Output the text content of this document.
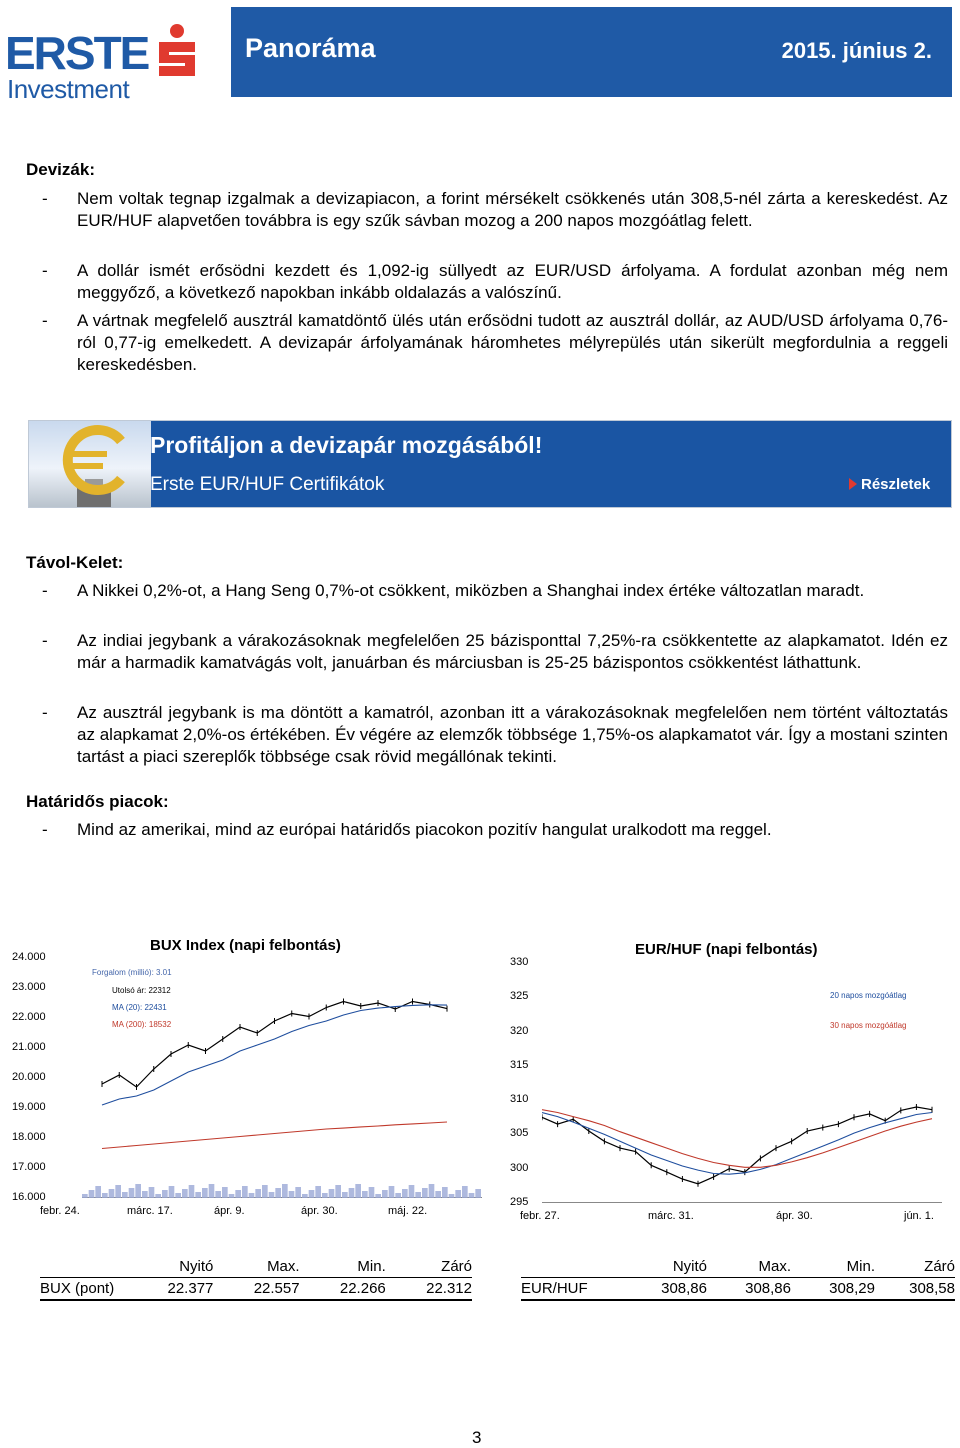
ERSTE
Investment
Panoráma	2015. június 2.
Devizák:
- Nem voltak tegnap izgalmak a devizapiacon, a forint mérsékelt csökkenés után 308,5-nél zárta a kereskedést. Az EUR/HUF alapvetően továbbra is egy szűk sávban mozog a 200 napos mozgóátlag felett.
- A dollár ismét erősödni kezdett és 1,092-ig süllyedt az EUR/USD árfolyama. A fordulat azonban még nem meggyőző, a következő napokban inkább oldalazás a valószínű.
- A vártnak megfelelő ausztrál kamatdöntő ülés után erősödni tudott az ausztrál dollár, az AUD/USD árfolyama 0,76-ról 0,77-ig emelkedett. A devizapár árfolyamának háromhetes mélyrepülés után sikerült megfordulnia a reggeli kereskedésben.
Profitáljon a devizapár mozgásából!
Erste EUR/HUF Certifikátok	Részletek
Távol-Kelet:
- A Nikkei 0,2%-ot, a Hang Seng 0,7%-ot csökkent, miközben a Shanghai index értéke változatlan maradt.
- Az indiai jegybank a várakozásoknak megfelelően 25 bázisponttal 7,25%-ra csökkentette az alapkamatot. Idén ez már a harmadik kamatvágás volt, januárban és márciusban is 25-25 bázispontos csökkentést láthattunk.
- Az ausztrál jegybank is ma döntött a kamatról, azonban itt a várakozásoknak megfelelően nem történt változtatás az alapkamat 2,0%-os értékében. Év végére az elemzők többsége 1,75%-os alapkamatot vár. Így a mostani szinten tartást a piaci szereplők többsége csak rövid megállónak tekinti.
Határidős piacok:
- Mind az amerikai, mind az európai határidős piacokon pozitív hangulat uralkodott ma reggel.
BUX Index (napi felbontás)
24.000
23.000
22.000
21.000
20.000
19.000
18.000
17.000
16.000
febr. 24.	márc. 17.	ápr. 9.	ápr. 30.	máj. 22.
Forgalom (millió): 3.01
Utolsó ár: 22312
MA (20): 22431
MA (200): 18532
EUR/HUF (napi felbontás)
330
325
320
315
310
305
300
295
febr. 27.	márc. 31.	ápr. 30.	jún. 1.
20 napos mozgóátlag
30 napos mozgóátlag
	Nyitó	Max.	Min.	Záró
BUX (pont)	22.377	22.557	22.266	22.312
	Nyitó	Max.	Min.	Záró
EUR/HUF	308,86	308,86	308,29	308,58
3
